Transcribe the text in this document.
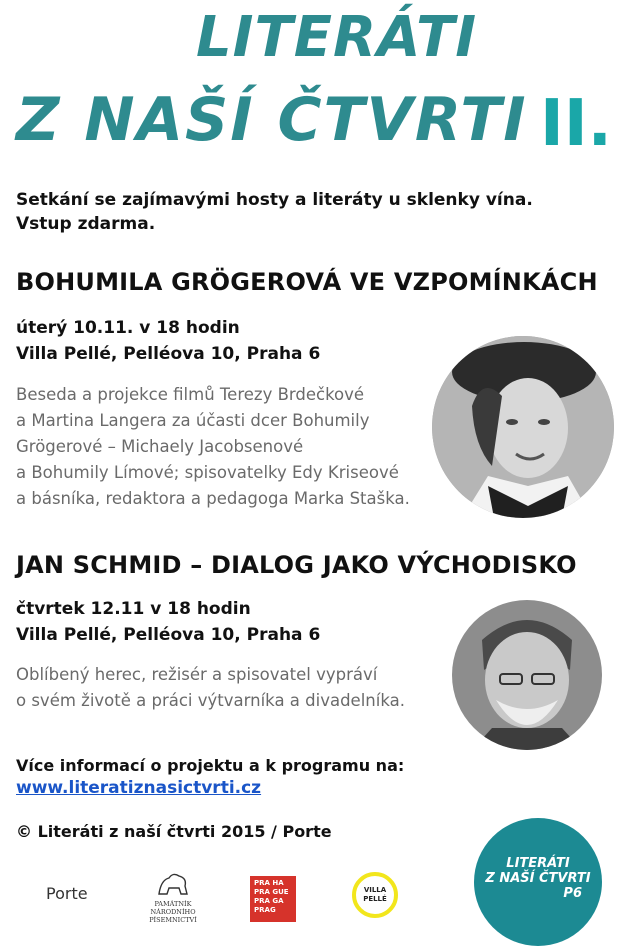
LITERÁTI
Z NAŠÍ ČTVRTI II.
Setkání se zajímavými hosty a literáty u sklenky vína.
Vstup zdarma.
BOHUMILA GRÖGEROVÁ VE VZPOMÍNKÁCH
úterý 10.11. v 18 hodin
Villa Pellé, Pelléova 10, Praha 6
Beseda a projekce filmů Terezy Brdečkové
a Martina Langera za účasti dcer Bohumily
Grögerové – Michaely Jacobsenové
a Bohumily Límové; spisovatelky Edy Kriseové
a básníka, redaktora a pedagoga Marka Staška.
JAN SCHMID – DIALOG JAKO VÝCHODISKO
čtvrtek 12.11 v 18 hodin
Villa Pellé, Pelléova 10, Praha 6
Oblíbený herec, režisér a spisovatel vypráví
o svém životě a práci výtvarníka a divadelníka.
Více informací o projektu a k programu na:
www.literatiznasictvrti.cz
© Literáti z naší čtvrti 2015 / Porte
LITERÁTI
Z NAŠÍ ČTVRTI
P6
Porte
PAMÁTNÍK
NÁRODNÍHO
PÍSEMNICTVÍ
PRA HA
PRA GUE
PRA GA
PRAG
VILLA
PELLÉ
